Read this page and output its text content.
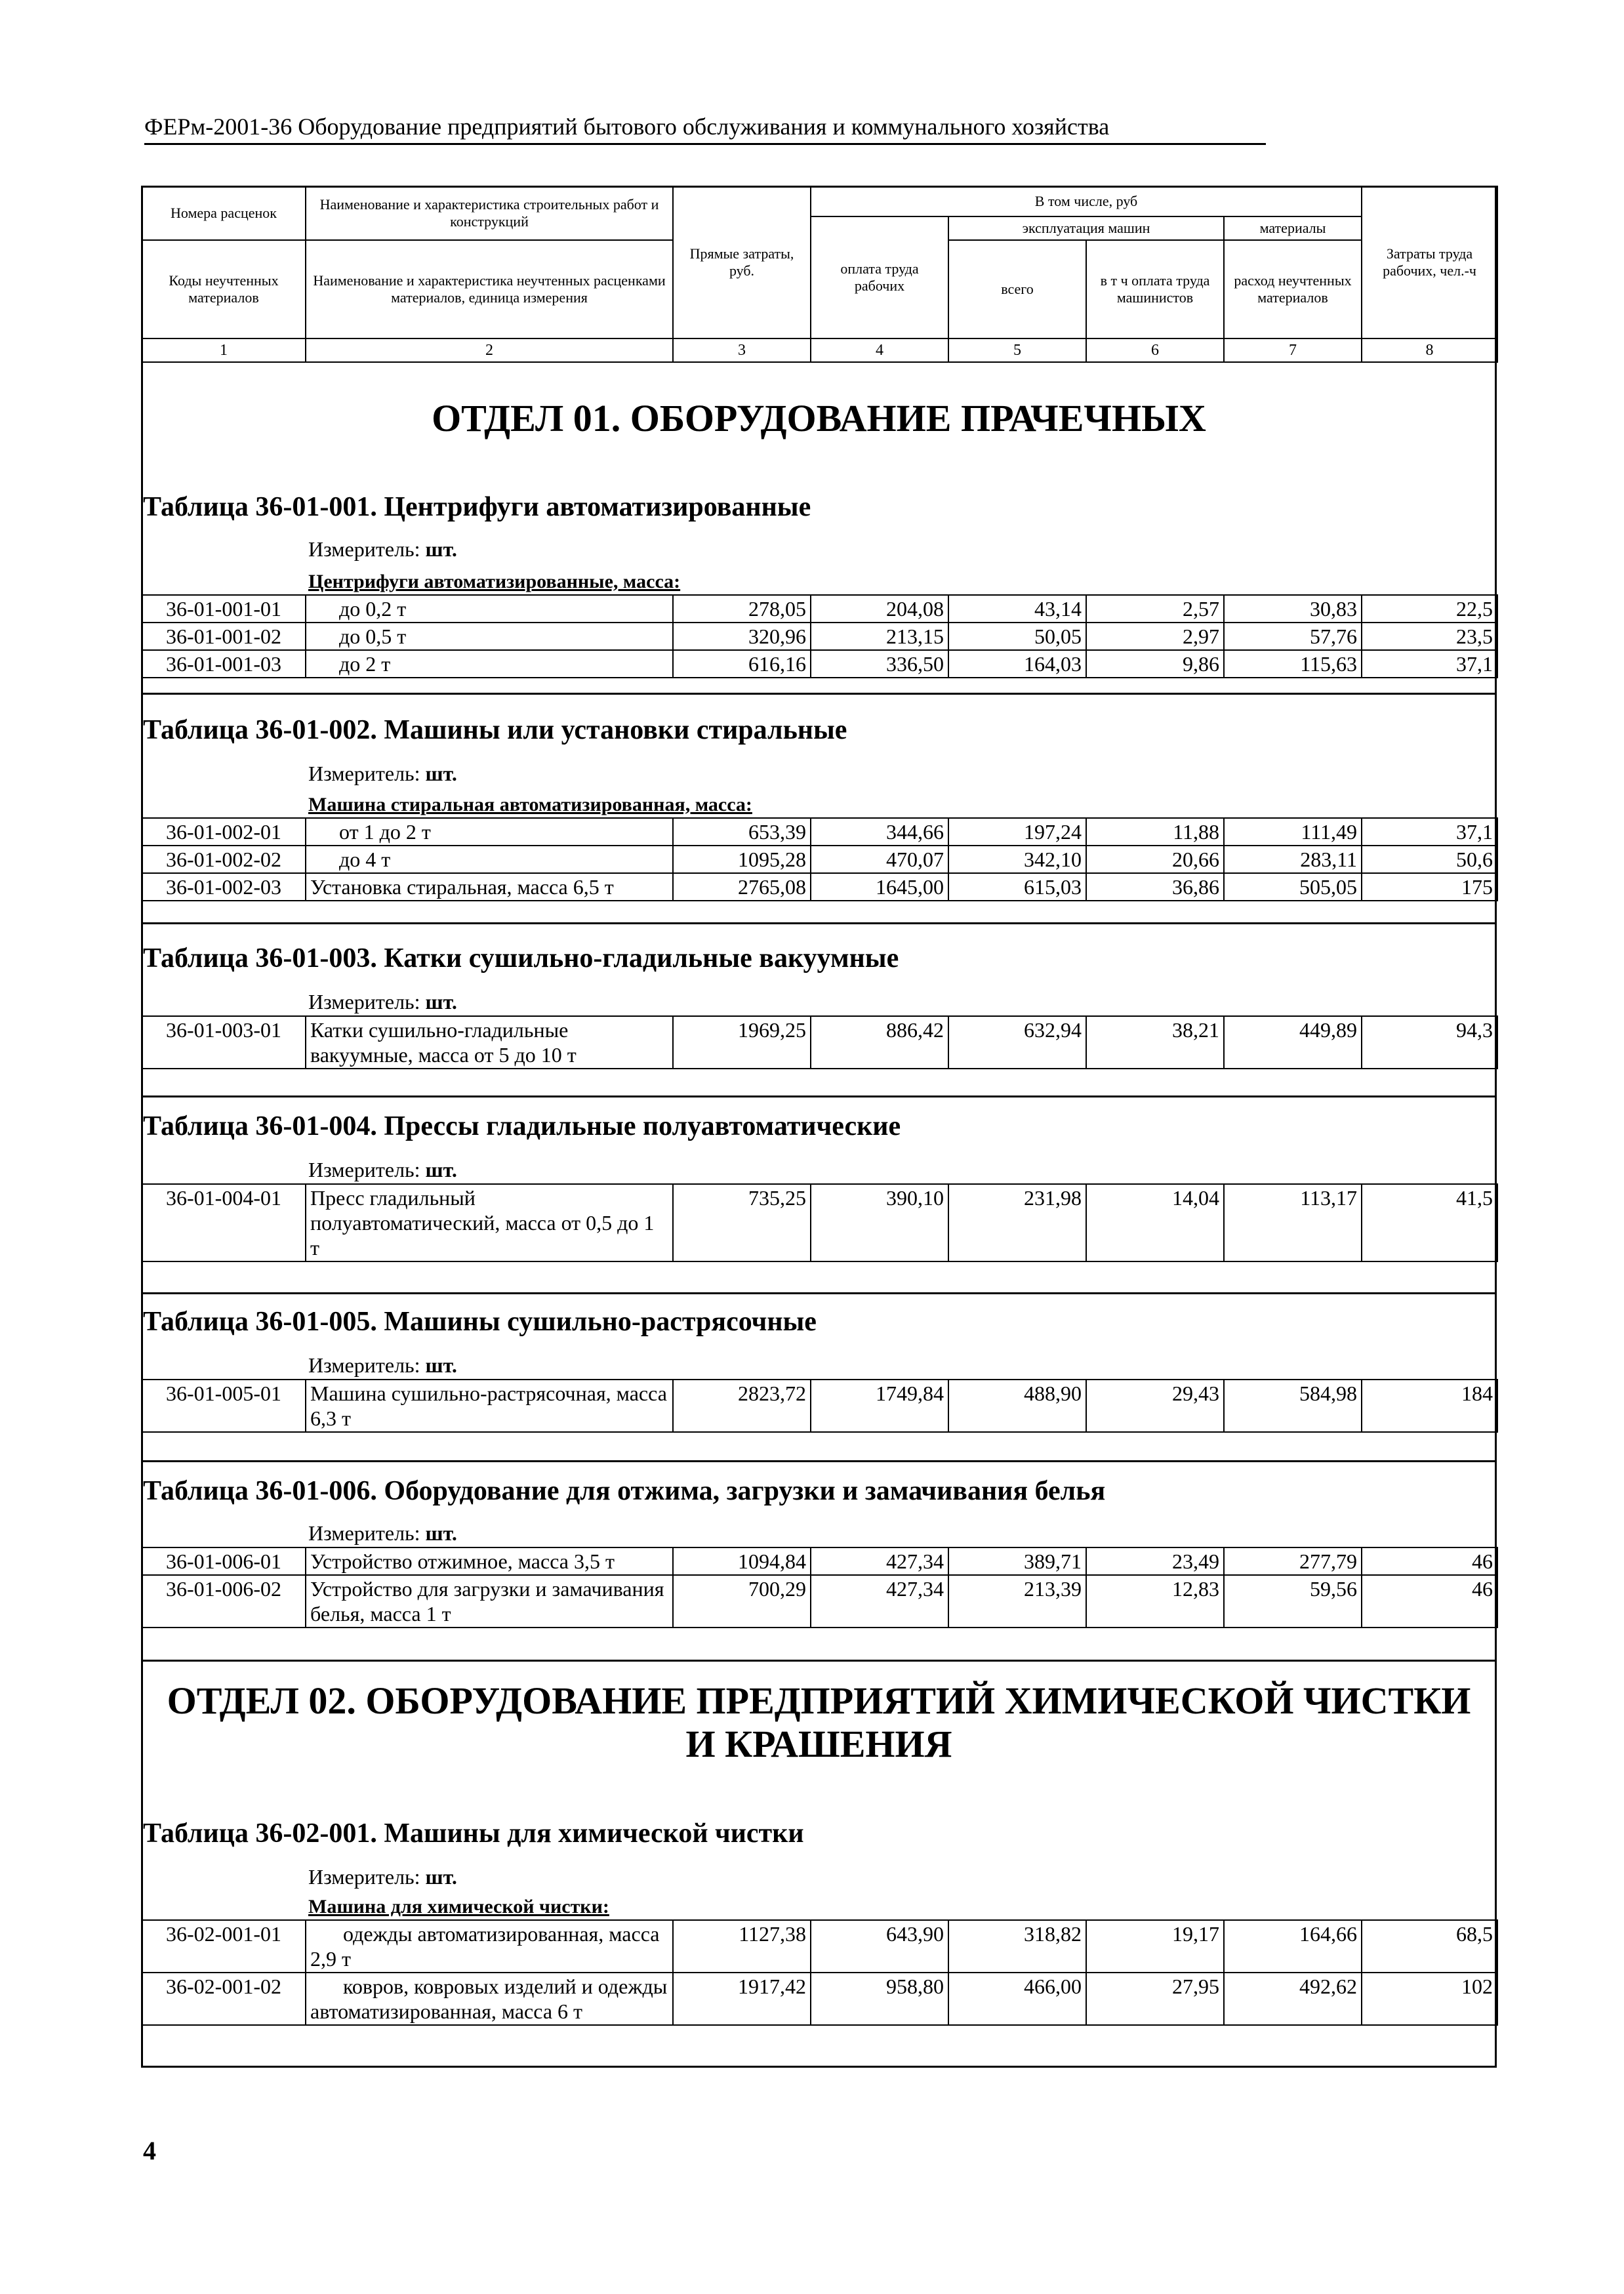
ФЕРм-2001-36 Оборудование предприятий бытового обслуживания и коммунального хозяйства
Номера расценок	Наименование и характеристика строительных работ и конструкций	Прямые затраты, руб.	В том числе, руб				Затраты труда рабочих, чел.-ч
			оплата труда рабочих	эксплуатация машин		материалы	
Коды неучтенных материалов	Наименование и характеристика неучтенных расценками материалов, единица измерения			всего	в т ч оплата труда машинистов	расход неучтенных материалов	
1	2	3	4	5	6	7	8
ОТДЕЛ 01. ОБОРУДОВАНИЕ ПРАЧЕЧНЫХ
Таблица 36-01-001. Центрифуги автоматизированные
Измеритель: шт.
Центрифуги автоматизированные, масса:
36-01-001-01	до 0,2 т	278,05	204,08	43,14	2,57	30,83	22,5
36-01-001-02	до 0,5 т	320,96	213,15	50,05	2,97	57,76	23,5
36-01-001-03	до 2 т	616,16	336,50	164,03	9,86	115,63	37,1
Таблица 36-01-002. Машины или установки стиральные
Измеритель: шт.
Машина стиральная автоматизированная, масса:
36-01-002-01	от 1 до 2 т	653,39	344,66	197,24	11,88	111,49	37,1
36-01-002-02	до 4 т	1095,28	470,07	342,10	20,66	283,11	50,6
36-01-002-03	Установка стиральная, масса 6,5 т	2765,08	1645,00	615,03	36,86	505,05	175
Таблица 36-01-003. Катки сушильно-гладильные вакуумные
Измеритель: шт.
36-01-003-01	Катки сушильно-гладильные вакуумные, масса от 5 до 10 т	1969,25	886,42	632,94	38,21	449,89	94,3
Таблица 36-01-004. Прессы гладильные полуавтоматические
Измеритель: шт.
36-01-004-01	Пресс гладильный полуавтоматический, масса от 0,5 до 1 т	735,25	390,10	231,98	14,04	113,17	41,5
Таблица 36-01-005. Машины сушильно-растрясочные
Измеритель: шт.
36-01-005-01	Машина сушильно-растрясочная, масса 6,3 т	2823,72	1749,84	488,90	29,43	584,98	184
Таблица 36-01-006. Оборудование для отжима, загрузки и замачивания белья
Измеритель: шт.
36-01-006-01	Устройство отжимное, масса 3,5 т	1094,84	427,34	389,71	23,49	277,79	46
36-01-006-02	Устройство для загрузки и замачивания белья, масса 1 т	700,29	427,34	213,39	12,83	59,56	46
ОТДЕЛ 02. ОБОРУДОВАНИЕ ПРЕДПРИЯТИЙ ХИМИЧЕСКОЙ ЧИСТКИ И КРАШЕНИЯ
Таблица 36-02-001. Машины для химической чистки
Измеритель: шт.
Машина для химической чистки:
36-02-001-01	одежды автоматизированная, масса 2,9 т	1127,38	643,90	318,82	19,17	164,66	68,5
36-02-001-02	ковров, ковровых изделий и одежды автоматизированная, масса 6 т	1917,42	958,80	466,00	27,95	492,62	102
4
